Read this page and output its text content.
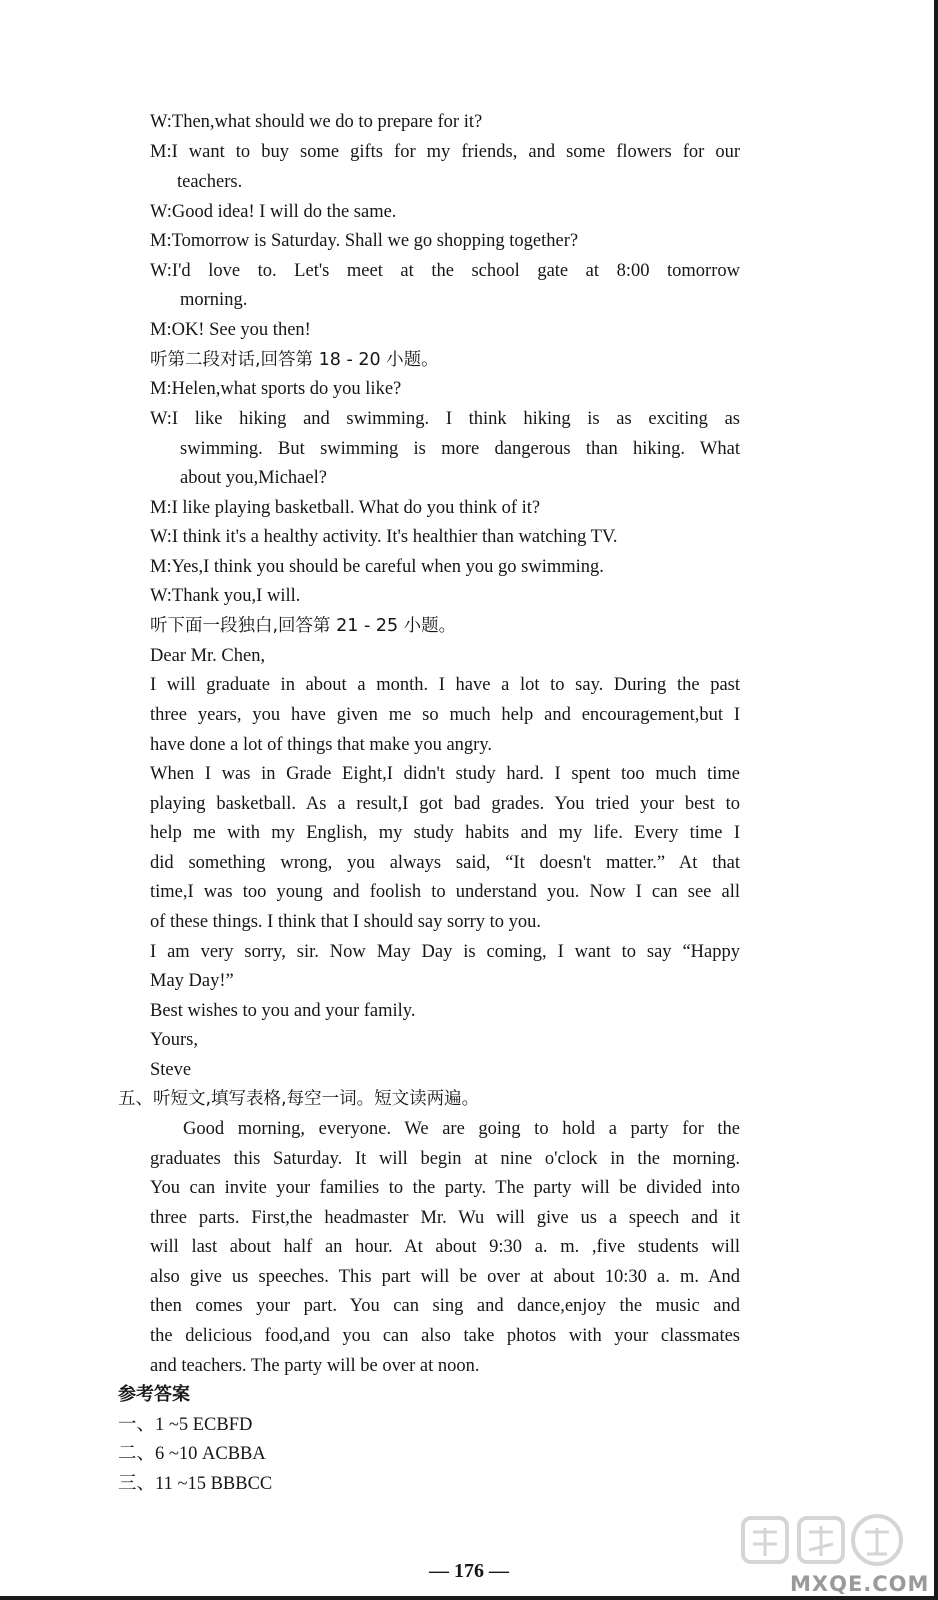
W:Then,what should we do to prepare for it?
M:I want to buy some gifts for my friends, and some flowers for our
teachers.
W:Good idea! I will do the same.
M:Tomorrow is Saturday. Shall we go shopping together?
W:I'd love to. Let's meet at the school gate at 8:00 tomorrow
morning.
M:OK! See you then!
听第二段对话,回答第 18 - 20 小题。
M:Helen,what sports do you like?
W:I like hiking and swimming. I think hiking is as exciting as
swimming. But swimming is more dangerous than hiking. What
about you,Michael?
M:I like playing basketball. What do you think of it?
W:I think it's a healthy activity. It's healthier than watching TV.
M:Yes,I think you should be careful when you go swimming.
W:Thank you,I will.
听下面一段独白,回答第 21 - 25 小题。
Dear Mr. Chen,
I will graduate in about a month. I have a lot to say. During the past
three years, you have given me so much help and encouragement,but I
have done a lot of things that make you angry.
When I was in Grade Eight,I didn't study hard. I spent too much time
playing basketball. As a result,I got bad grades. You tried your best to
help me with my English, my study habits and my life. Every time I
did something wrong, you always said, “It doesn't matter.” At that
time,I was too young and foolish to understand you. Now I can see all
of these things. I think that I should say sorry to you.
I am very sorry, sir. Now May Day is coming, I want to say “Happy
May Day!”
Best wishes to you and your family.
Yours,
Steve
五、听短文,填写表格,每空一词。短文读两遍。
Good morning, everyone. We are going to hold a party for the
graduates this Saturday. It will begin at nine o'clock in the morning.
You can invite your families to the party. The party will be divided into
three parts. First,the headmaster Mr. Wu will give us a speech and it
will last about half an hour. At about 9:30 a. m. ,five students will
also give us speeches. This part will be over at about 10:30 a. m. And
then comes your part. You can sing and dance,enjoy the music and
the delicious food,and you can also take photos with your classmates
and teachers. The party will be over at noon.
参考答案
一、1 ~5 ECBFD
二、6 ~10 ACBBA
三、11 ~15 BBBCC
— 176 —
MXQE.COM
